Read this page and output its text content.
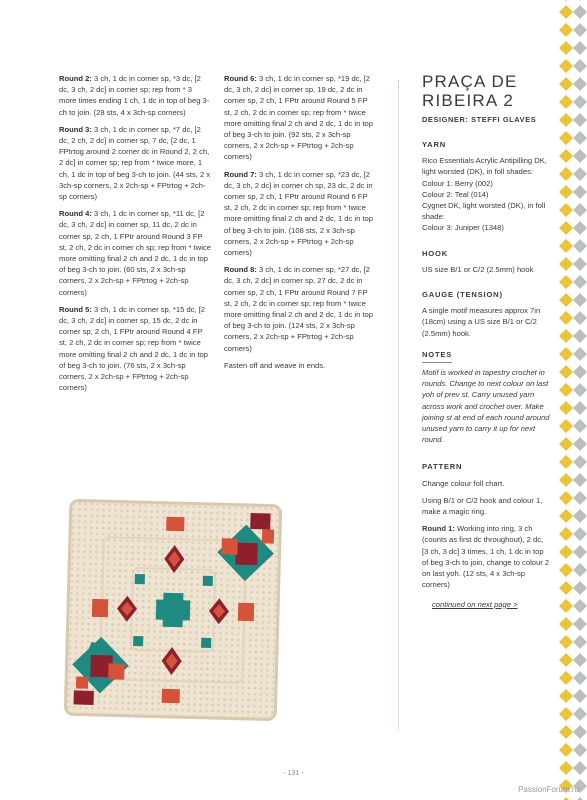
Round 2: 3 ch, 1 dc in corner sp, *3 dc, [2 dc, 3 ch, 2 dc] in corner sp; rep from * 3 more times ending 1 ch, 1 dc in top of beg 3-ch to join. (28 sts, 4 x 3ch-sp corners)

Round 3: 3 ch, 1 dc in corner sp, *7 dc, [2 dc, 2 ch, 2 dc] in corner sp, 7 dc, [2 dc, 1 FPtrtog around 2 corner dc in Round 2, 2 ch, 2 dc] in corner sp; rep from * twice more, 1 ch, 1 dc in top of beg 3-ch to join. (44 sts, 2 x 3ch-sp corners, 2 x 2ch-sp + FPtrtog + 2ch-sp corners)

Round 4: 3 ch, 1 dc in corner sp, *11 dc, [2 dc, 3 ch, 2 dc] in corner sp, 11 dc, 2 dc in corner sp, 2 ch, 1 FPtr around Round 3 FP st, 2 ch, 2 dc in corner ch sp; rep from * twice more omitting final 2 ch and 2 dc, 1 dc in top of beg 3-ch to join. (60 sts, 2 x 3ch-sp corners, 2 x 2ch-sp + FPtrtog + 2ch-sp corners)

Round 5: 3 ch, 1 dc in corner sp, *15 dc, [2 dc, 3 ch, 2 dc] in corner sp, 15 dc, 2 dc in corner sp, 2 ch, 1 FPtr around Round 4 FP st, 2 ch, 2 dc in corner sp; rep from * twice more omitting final 2 ch and 2 dc, 1 dc in top of beg 3-ch to join. (76 sts, 2 x 3ch-sp corners, 2 x 2ch-sp + FPtrtog + 2ch-sp corners)

Round 6: 3 ch, 1 dc in corner sp, *19 dc, [2 dc, 3 ch, 2 dc] in corner sp, 19 dc, 2 dc in corner sp, 2 ch, 1 FPtr around Round 5 FP st, 2 ch, 2 dc in corner sp; rep from * twice more omitting final 2 ch and 2 dc, 1 dc in top of beg 3-ch to join. (92 sts, 2 x 3ch-sp corners, 2 x 2ch-sp + FPtrtog + 2ch-sp corners)

Round 7: 3 ch, 1 dc in corner sp, *23 dc, [2 dc, 3 ch, 2 dc] in corner ch sp, 23 dc, 2 dc in corner sp, 2 ch, 1 FPtr around Round 6 FP st, 2 ch, 2 dc in corner sp; rep from * twice more omitting final 2 ch and 2 dc, 1 dc in top of beg 3-ch to join. (108 sts, 2 x 3ch-sp corners, 2 x 2ch-sp + FPtrtog + 2ch-sp corners)

Round 8: 3 ch, 1 dc in corner sp, *27 dc, [2 dc, 3 ch, 2 dc] in corner sp, 27 dc, 2 dc in corner sp, 2 ch, 1 FPtr around Round 7 FP st, 2 ch, 2 dc in corner sp; rep from * twice more omitting final 2 ch and 2 dc, 1 dc in top of beg 3-ch to join. (124 sts, 2 x 3ch-sp corners, 2 x 2ch-sp + FPtrtog + 2ch-sp corners)

Fasten off and weave in ends.

PRAÇA DE
RIBEIRA 2
DESIGNER: STEFFI GLAVES
YARN
Rico Essentials Acrylic Antipilling DK, light worsted (DK), in foll shades:
Colour 1: Berry (002)
Colour 2: Teal (014)
Cygnet DK, light worsted (DK), in foll shade:
Colour 3: Juniper (1348)
HOOK
US size B/1 or C/2 (2.5mm) hook
GAUGE (TENSION)
A single motif measures approx 7in (18cm) using a US size B/1 or C/2 (2.5mm) hook.
NOTES

Motif is worked in tapestry crochet in rounds. Change to next colour on last yoh of prev st. Carry unused yarn across work and crochet over. Make joining st at end of each round around unused yarn to carry it up for next round.

PATTERN

Change colour foll chart.

Using B/1 or C/2 hook and colour 1, make a magic ring.

Round 1: Working into ring, 3 ch (counts as first dc throughout), 2 dc, [3 ch, 3 dc] 3 times, 1 ch, 1 dc in top of beg 3-ch to join, change to colour 2 on last yoh. (12 sts, 4 x 3ch-sp corners)

continued on next page >
- 131 -
PassionForum.ru
